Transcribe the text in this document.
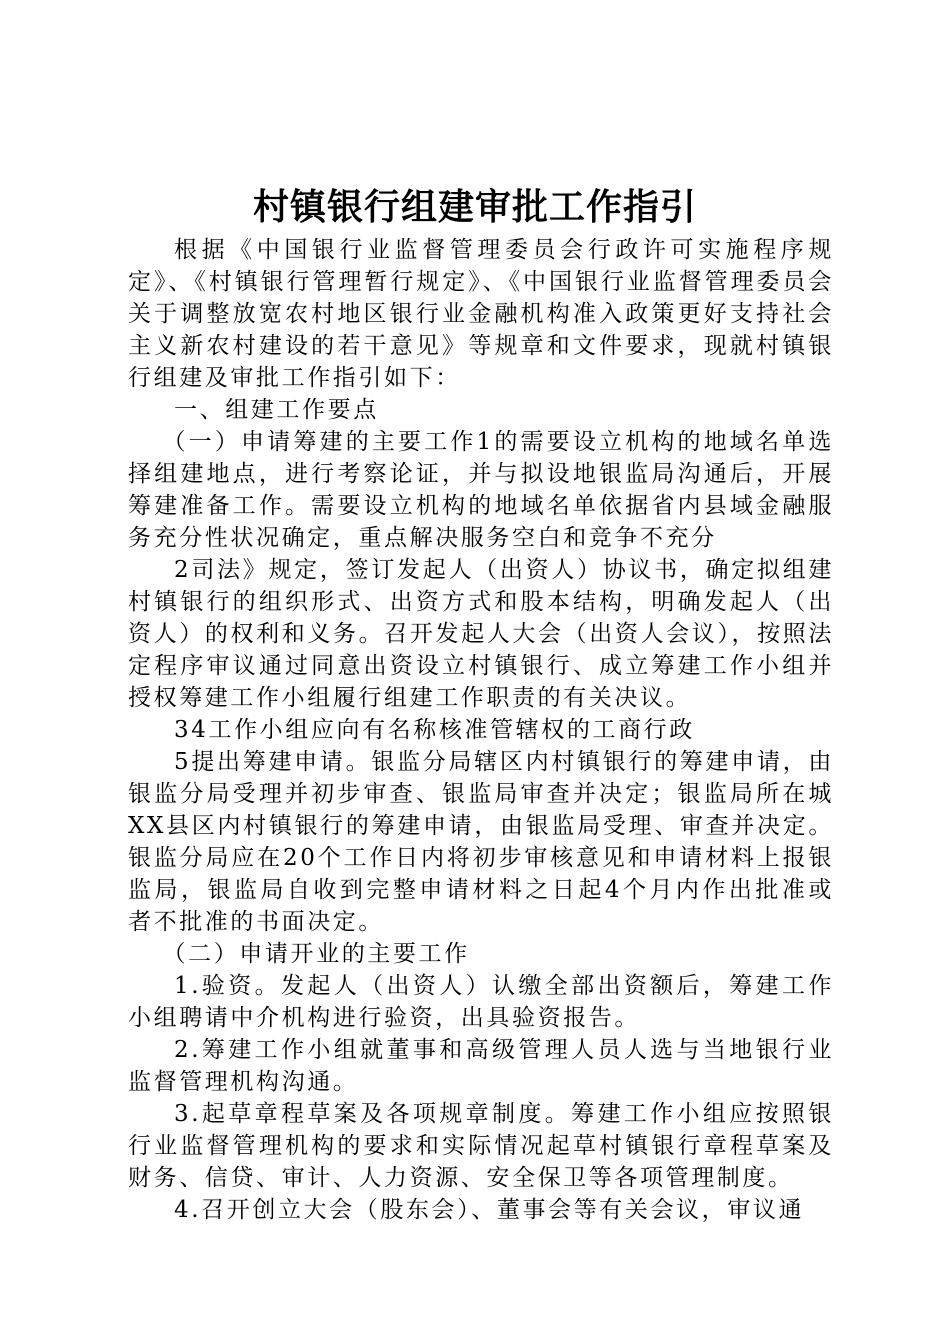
村镇银行组建审批工作指引

根据《中国银行业监督管理委员会行政许可实施程序规定》、《村镇银行管理暂行规定》、《中国银行业监督管理委员会关于调整放宽农村地区银行业金融机构准入政策更好支持社会主义新农村建设的若干意见》等规章和文件要求，现就村镇银行组建及审批工作指引如下：

一、组建工作要点

（一）申请筹建的主要工作1的需要设立机构的地域名单选择组建地点，进行考察论证，并与拟设地银监局沟通后，开展筹建准备工作。需要设立机构的地域名单依据省内县域金融服务充分性状况确定，重点解决服务空白和竞争不充分

2司法》规定，签订发起人（出资人）协议书，确定拟组建村镇银行的组织形式、出资方式和股本结构，明确发起人（出资人）的权利和义务。召开发起人大会（出资人会议），按照法定程序审议通过同意出资设立村镇银行、成立筹建工作小组并授权筹建工作小组履行组建工作职责的有关决议。

34工作小组应向有名称核准管辖权的工商行政

5提出筹建申请。银监分局辖区内村镇银行的筹建申请，由银监分局受理并初步审查、银监局审查并决定；银监局所在城XX县区内村镇银行的筹建申请，由银监局受理、审查并决定。银监分局应在20个工作日内将初步审核意见和申请材料上报银监局，银监局自收到完整申请材料之日起4个月内作出批准或者不批准的书面决定。

（二）申请开业的主要工作

1.验资。发起人（出资人）认缴全部出资额后，筹建工作小组聘请中介机构进行验资，出具验资报告。

2.筹建工作小组就董事和高级管理人员人选与当地银行业监督管理机构沟通。

3.起草章程草案及各项规章制度。筹建工作小组应按照银行业监督管理机构的要求和实际情况起草村镇银行章程草案及财务、信贷、审计、人力资源、安全保卫等各项管理制度。

4.召开创立大会（股东会）、董事会等有关会议，审议通
